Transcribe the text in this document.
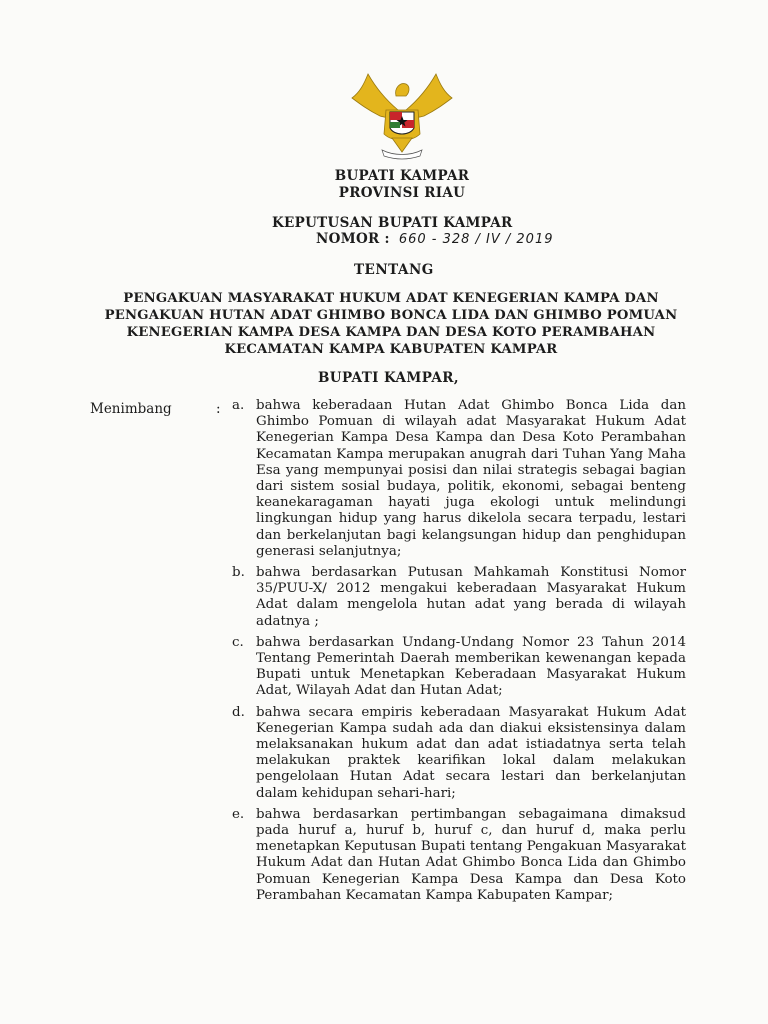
BUPATI KAMPAR
PROVINSI RIAU
KEPUTUSAN BUPATI KAMPAR
NOMOR : 660 - 328 / IV / 2019
TENTANG
PENGAKUAN MASYARAKAT HUKUM ADAT KENEGERIAN KAMPA DAN
PENGAKUAN HUTAN ADAT GHIMBO BONCA LIDA DAN GHIMBO POMUAN
KENEGERIAN KAMPA DESA KAMPA DAN DESA KOTO PERAMBAHAN
KECAMATAN KAMPA KABUPATEN KAMPAR
BUPATI KAMPAR,
Menimbang	: a. bahwa keberadaan Hutan Adat Ghimbo Bonca Lida dan Ghimbo Pomuan di wilayah adat Masyarakat Hukum Adat Kenegerian Kampa Desa Kampa dan Desa Koto Perambahan Kecamatan Kampa merupakan anugrah dari Tuhan Yang Maha Esa yang mempunyai posisi dan nilai strategis sebagai bagian dari sistem sosial budaya, politik, ekonomi, sebagai benteng keanekaragaman hayati juga ekologi untuk melindungi lingkungan hidup yang harus dikelola secara terpadu, lestari dan berkelanjutan bagi kelangsungan hidup dan penghidupan generasi selanjutnya;
b. bahwa berdasarkan Putusan Mahkamah Konstitusi Nomor 35/PUU-X/ 2012 mengakui keberadaan Masyarakat Hukum Adat dalam mengelola hutan adat yang berada di wilayah adatnya ;
c. bahwa berdasarkan Undang-Undang Nomor 23 Tahun 2014 Tentang Pemerintah Daerah memberikan kewenangan kepada Bupati untuk Menetapkan Keberadaan Masyarakat Hukum Adat, Wilayah Adat dan Hutan Adat;
d. bahwa secara empiris keberadaan Masyarakat Hukum Adat Kenegerian Kampa sudah ada dan diakui eksistensinya dalam melaksanakan hukum adat dan adat istiadatnya serta telah melakukan praktek kearifikan lokal dalam melakukan pengelolaan Hutan Adat secara lestari dan berkelanjutan dalam kehidupan sehari-hari;
e. bahwa berdasarkan pertimbangan sebagaimana dimaksud pada huruf a, huruf b, huruf c, dan huruf d, maka perlu menetapkan Keputusan Bupati tentang Pengakuan Masyarakat Hukum Adat dan Hutan Adat Ghimbo Bonca Lida dan Ghimbo Pomuan Kenegerian Kampa Desa Kampa dan Desa Koto Perambahan Kecamatan Kampa Kabupaten Kampar;
